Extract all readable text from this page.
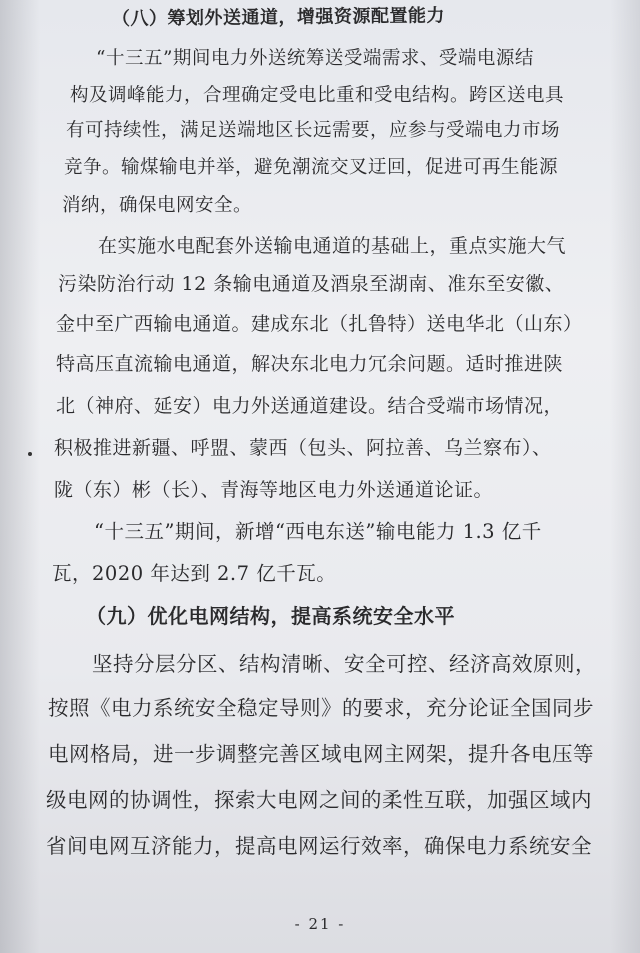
（八）筹划外送通道，增强资源配置能力
“十三五”期间电力外送统筹送受端需求、受端电源结
构及调峰能力，合理确定受电比重和受电结构。跨区送电具
有可持续性，满足送端地区长远需要，应参与受端电力市场
竞争。输煤输电并举，避免潮流交叉迂回，促进可再生能源
消纳，确保电网安全。
在实施水电配套外送输电通道的基础上，重点实施大气
污染防治行动 12 条输电通道及酒泉至湖南、准东至安徽、
金中至广西输电通道。建成东北（扎鲁特）送电华北（山东）
特高压直流输电通道，解决东北电力冗余问题。适时推进陕
北（神府、延安）电力外送通道建设。结合受端市场情况，
积极推进新疆、呼盟、蒙西（包头、阿拉善、乌兰察布）、
陇（东）彬（长）、青海等地区电力外送通道论证。
“十三五”期间，新增“西电东送”输电能力 1.3 亿千
瓦，2020 年达到 2.7 亿千瓦。
（九）优化电网结构，提高系统安全水平
坚持分层分区、结构清晰、安全可控、经济高效原则，
按照《电力系统安全稳定导则》的要求，充分论证全国同步
电网格局，进一步调整完善区域电网主网架，提升各电压等
级电网的协调性，探索大电网之间的柔性互联，加强区域内
省间电网互济能力，提高电网运行效率，确保电力系统安全
- 21 -
